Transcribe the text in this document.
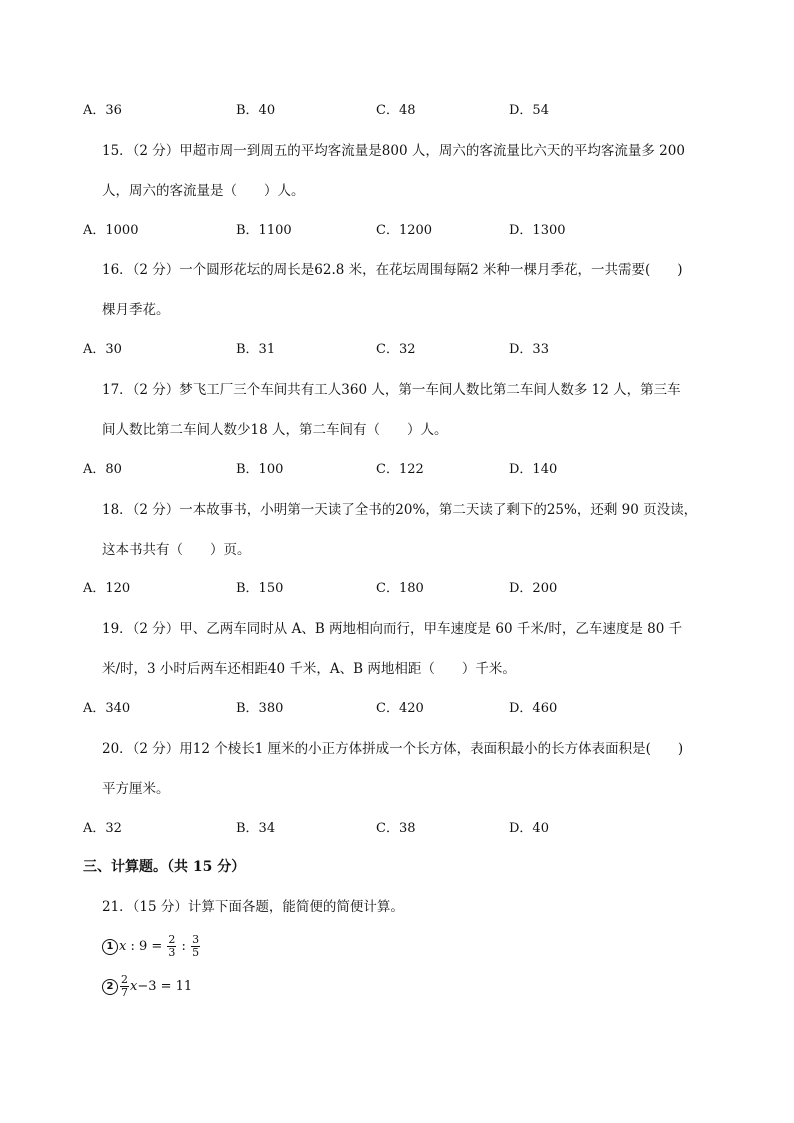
A．36	B．40	C．48	D．54
15．（2 分）甲超市周一到周五的平均客流量是800 人，周六的客流量比六天的平均客流量多 200
人，周六的客流量是（　　）人。
A．1000	B．1100	C．1200	D．1300
16．（2 分）一个圆形花坛的周长是62.8 米，在花坛周围每隔2 米种一棵月季花，一共需要(　　)
棵月季花。
A．30	B．31	C．32	D．33
17．（2 分）梦飞工厂三个车间共有工人360 人，第一车间人数比第二车间人数多 12 人，第三车
间人数比第二车间人数少18 人，第二车间有（　　）人。
A．80	B．100	C．122	D．140
18．（2 分）一本故事书，小明第一天读了全书的20%，第二天读了剩下的25%，还剩 90 页没读，
这本书共有（　　）页。
A．120	B．150	C．180	D．200
19．（2 分）甲、乙两车同时从 A、B 两地相向而行，甲车速度是 60 千米/时，乙车速度是 80 千
米/时，3 小时后两车还相距40 千米，A、B 两地相距（　　）千米。
A．340	B．380	C．420	D．460
20．（2 分）用12 个棱长1 厘米的小正方体拼成一个长方体，表面积最小的长方体表面积是(　　)
平方厘米。
A．32	B．34	C．38	D．40
三、计算题。（共 15 分）
21．（15 分）计算下面各题，能简便的简便计算。
1 x : $9 = \frac{2}{3}$ : $\frac{3}{5}$
$2 \frac{2}{7}$ x −3 = 11
